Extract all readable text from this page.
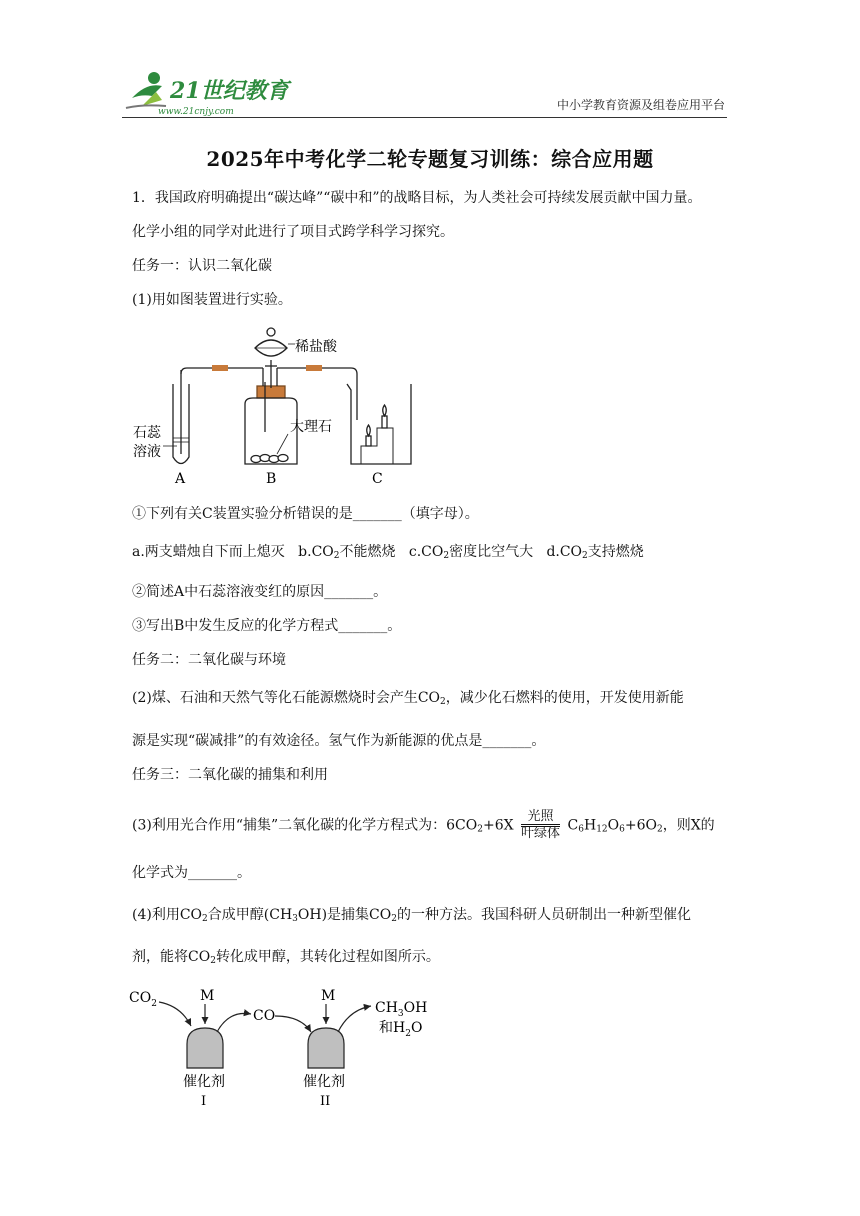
21世纪教育
www.21cnjy.com	中小学教育资源及组卷应用平台
2025年中考化学二轮专题复习训练：综合应用题
1．我国政府明确提出“碳达峰”“碳中和”的战略目标，为人类社会可持续发展贡献中国力量。
化学小组的同学对此进行了项目式跨学科学习探究。
任务一：认识二氧化碳
(1)用如图装置进行实验。
稀盐酸
石蕊
溶液
大理石
A	B	C
①下列有关C装置实验分析错误的是_______（填字母）。
a.两支蜡烛自下而上熄灭 $b.CO_2$不能燃烧 $c.CO_2$密度比空气大 $d.CO_2$支持燃烧
②简述A中石蕊溶液变红的原因_______。
③写出B中发生反应的化学方程式_______。
任务二：二氧化碳与环境
(2)煤、石油和天然气等化石能源燃烧时会产生$CO_2$，减少化石燃料的使用，开发使用新能
源是实现“碳减排”的有效途径。氢气作为新能源的优点是_______。
任务三：二氧化碳的捕集和利用
(3)利用光合作用“捕集”二氧化碳的化学方程式为：$6CO_2+6X$
光照
叶绿体 $C_6H_{12}O_6+6O_2$，则X的
化学式为_______。
(4)利用$CO_2$合成甲醇$(CH_3OH)$是捕集$CO_2$的一种方法。我国科研人员研制出一种新型催化
剂，能将$CO_2$转化成甲醇，其转化过程如图所示。
$CO_2$	M
CO
M
$CH_3OH$
和$H_2O$
催化剂
I
催化剂
II
